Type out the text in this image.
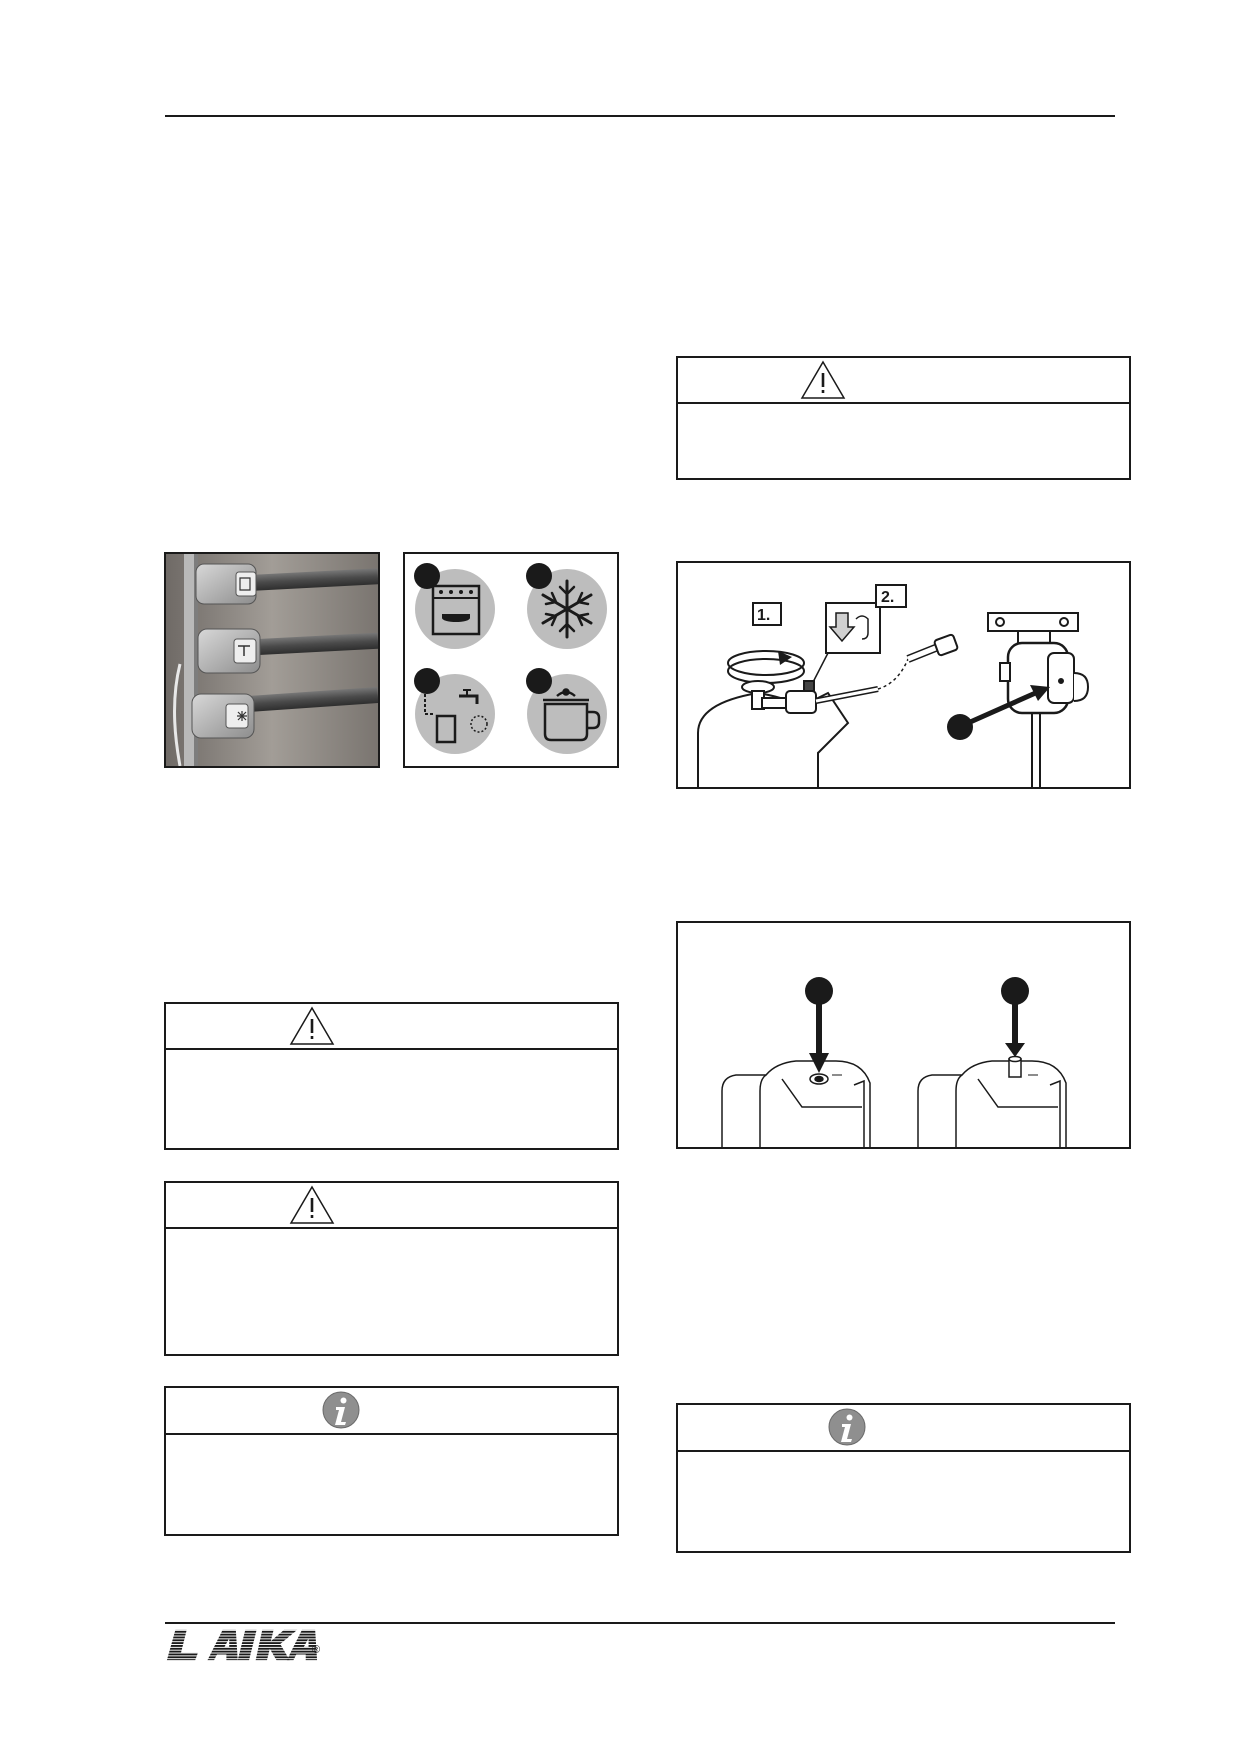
1.
2.
®
